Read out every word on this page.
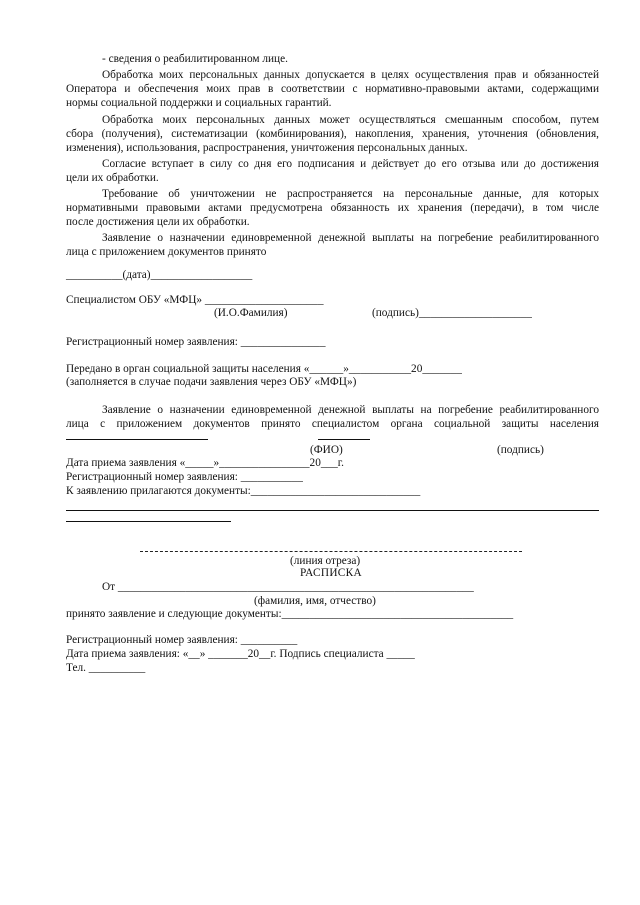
- сведения о реабилитированном лице.
Обработка моих персональных данных допускается в целях осуществления прав и обязанностей
Оператора и обеспечения моих прав в соответствии с нормативно-правовыми актами, содержащими
нормы социальной поддержки и социальных гарантий.
Обработка моих персональных данных может осуществляться смешанным способом, путем
сбора (получения), систематизации (комбинирования), накопления, хранения, уточнения (обновления,
изменения), использования, распространения, уничтожения персональных данных.
Согласие вступает в силу со дня его подписания и действует до его отзыва или до достижения
цели их обработки.
Требование об уничтожении не распространяется на персональные данные, для которых
нормативными правовыми актами предусмотрена обязанность их хранения (передачи), в том числе
после достижения цели их обработки.
Заявление о назначении единовременной денежной выплаты на погребение реабилитированного
лица с приложением документов принято
__________(дата)__________________
Специалистом ОБУ «МФЦ» _____________________
(И.О.Фамилия)	(подпись)____________________
Регистрационный номер заявления: _______________
Передано в орган социальной защиты населения «______»___________20_______
(заполняется в случае подачи заявления через ОБУ «МФЦ»)
Заявление о назначении единовременной денежной выплаты на погребение реабилитированного
лица с приложением документов принято специалистом органа социальной защиты населения
(ФИО)	(подпись)
Дата приема заявления «_____»________________20___г.
Регистрационный номер заявления: ___________
К заявлению прилагаются документы:______________________________
(линия отреза)
РАСПИСКА
От _______________________________________________________________
(фамилия, имя, отчество)
принято заявление и следующие документы:_________________________________________
Регистрационный номер заявления: __________
Дата приема заявления: «__» _______20__г. Подпись специалиста _____
Тел. __________
